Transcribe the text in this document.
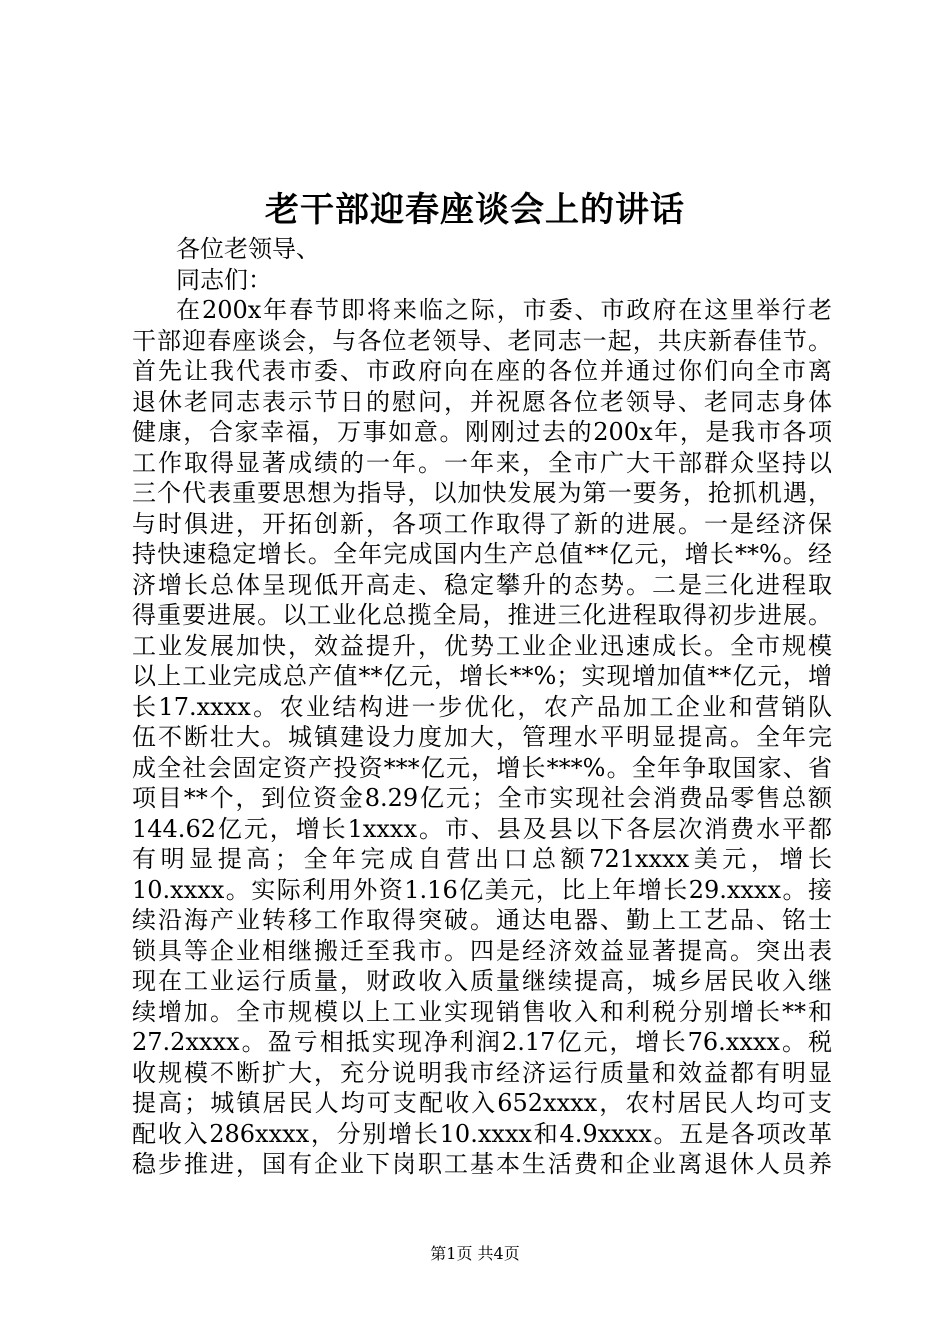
老干部迎春座谈会上的讲话
各位老领导、
同志们：
在200x年春节即将来临之际，市委、市政府在这里举行老
干部迎春座谈会，与各位老领导、老同志一起，共庆新春佳节。
首先让我代表市委、市政府向在座的各位并通过你们向全市离
退休老同志表示节日的慰问，并祝愿各位老领导、老同志身体
健康，合家幸福，万事如意。刚刚过去的200x年，是我市各项
工作取得显著成绩的一年。一年来，全市广大干部群众坚持以
三个代表重要思想为指导，以加快发展为第一要务，抢抓机遇，
与时俱进，开拓创新，各项工作取得了新的进展。一是经济保
持快速稳定增长。全年完成国内生产总值**亿元，增长**%。经
济增长总体呈现低开高走、稳定攀升的态势。二是三化进程取
得重要进展。以工业化总揽全局，推进三化进程取得初步进展。
工业发展加快，效益提升，优势工业企业迅速成长。全市规模
以上工业完成总产值**亿元，增长**%；实现增加值**亿元，增
长17.xxxx。农业结构进一步优化，农产品加工企业和营销队
伍不断壮大。城镇建设力度加大，管理水平明显提高。全年完
成全社会固定资产投资***亿元，增长***%。全年争取国家、省
项目**个，到位资金8.29亿元；全市实现社会消费品零售总额
144.62亿元，增长1xxxx。市、县及县以下各层次消费水平都
有明显提高；全年完成自营出口总额721xxxx美元，增长
10.xxxx。实际利用外资1.16亿美元，比上年增长29.xxxx。接
续沿海产业转移工作取得突破。通达电器、勤上工艺品、铭士
锁具等企业相继搬迁至我市。四是经济效益显著提高。突出表
现在工业运行质量，财政收入质量继续提高，城乡居民收入继
续增加。全市规模以上工业实现销售收入和利税分别增长**和
27.2xxxx。盈亏相抵实现净利润2.17亿元，增长76.xxxx。税
收规模不断扩大，充分说明我市经济运行质量和效益都有明显
提高；城镇居民人均可支配收入652xxxx，农村居民人均可支
配收入286xxxx，分别增长10.xxxx和4.9xxxx。五是各项改革
稳步推进，国有企业下岗职工基本生活费和企业离退休人员养
第1页 共4页
